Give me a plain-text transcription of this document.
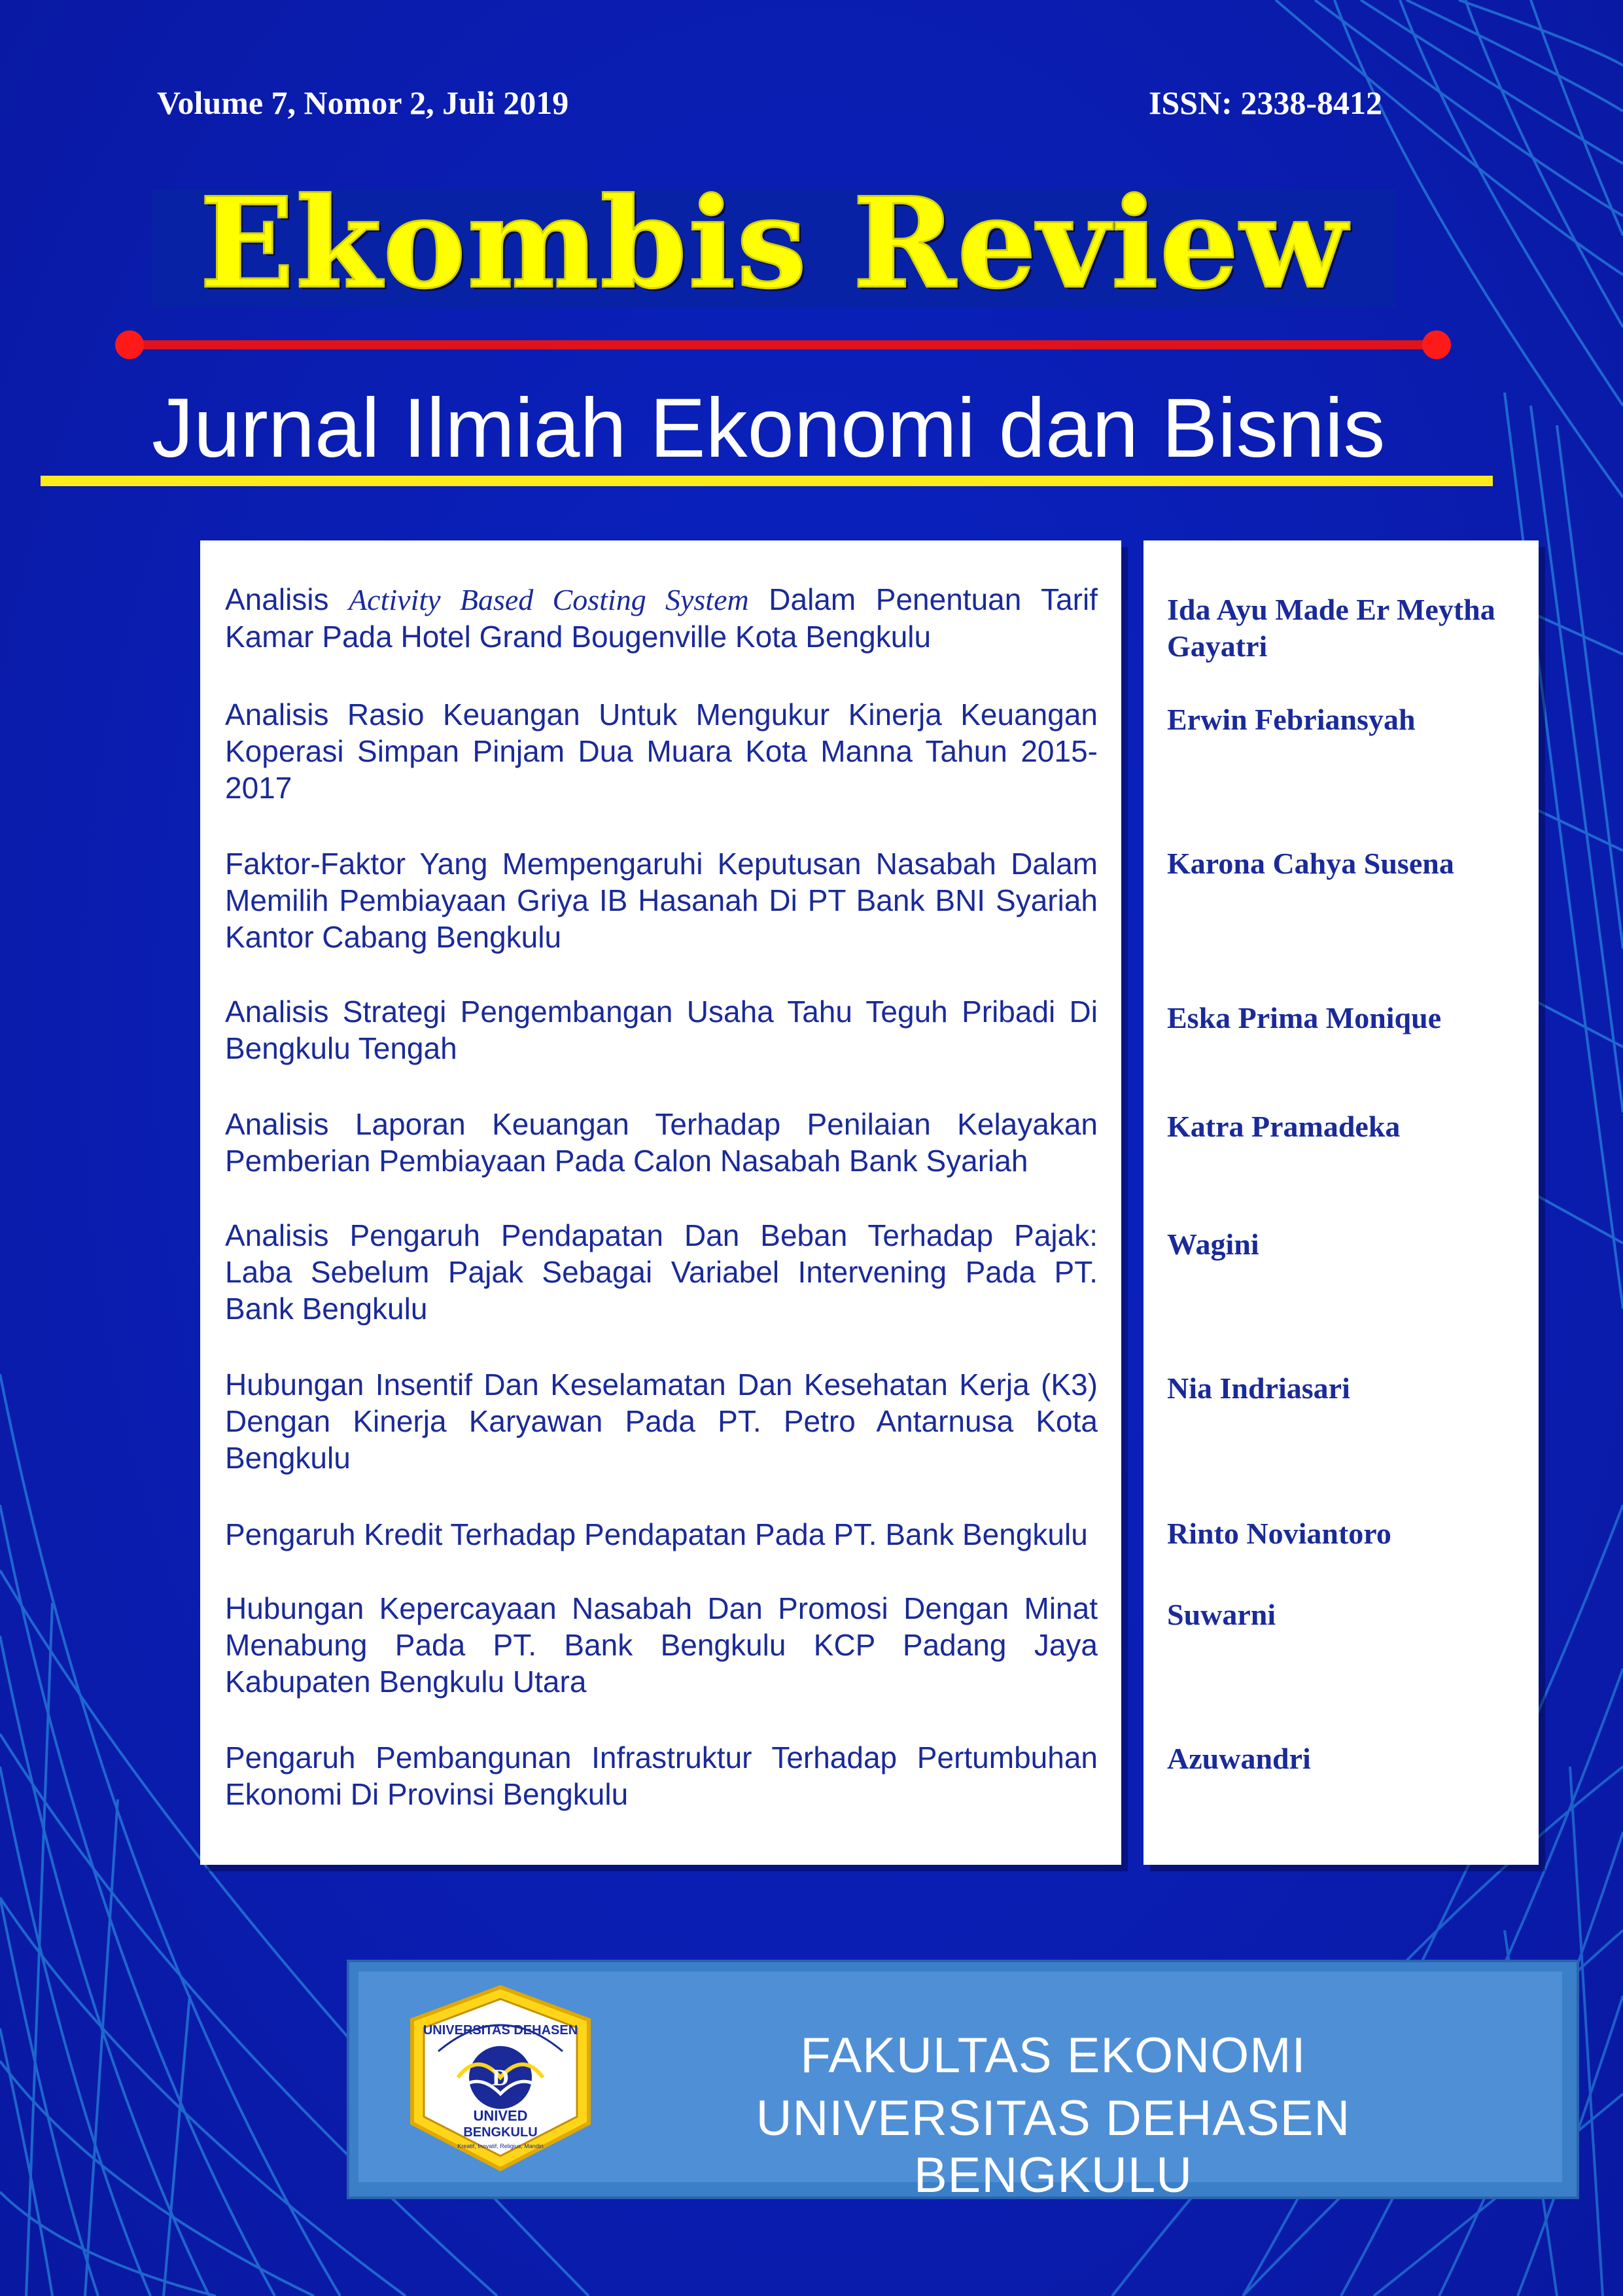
Volume 7, Nomor 2, Juli 2019	ISSN: 2338-8412
Ekombis Review
Jurnal Ilmiah Ekonomi dan Bisnis
Analisis Activity Based Costing System Dalam Penentuan Tarif Kamar Pada Hotel Grand Bougenville Kota Bengkulu
Analisis Rasio Keuangan Untuk Mengukur Kinerja Keuangan Koperasi Simpan Pinjam Dua Muara Kota Manna Tahun 2015-2017
Faktor-Faktor Yang Mempengaruhi Keputusan Nasabah Dalam Memilih Pembiayaan Griya IB Hasanah Di PT Bank BNI Syariah Kantor Cabang Bengkulu
Analisis Strategi Pengembangan Usaha Tahu Teguh Pribadi Di Bengkulu Tengah
Analisis Laporan Keuangan Terhadap Penilaian Kelayakan Pemberian Pembiayaan Pada Calon Nasabah Bank Syariah
Analisis Pengaruh Pendapatan Dan Beban Terhadap Pajak: Laba Sebelum Pajak Sebagai Variabel Intervening Pada PT. Bank Bengkulu
Hubungan Insentif Dan Keselamatan Dan Kesehatan Kerja (K3) Dengan Kinerja Karyawan Pada PT. Petro Antarnusa Kota Bengkulu
Pengaruh Kredit Terhadap Pendapatan Pada PT. Bank Bengkulu
Hubungan Kepercayaan Nasabah Dan Promosi Dengan Minat Menabung Pada PT. Bank Bengkulu KCP Padang Jaya Kabupaten Bengkulu Utara
Pengaruh Pembangunan Infrastruktur Terhadap Pertumbuhan Ekonomi Di Provinsi Bengkulu
Ida Ayu Made Er Meytha Gayatri
Erwin Febriansyah
Karona Cahya Susena
Eska Prima Monique
Katra Pramadeka
Wagini
Nia Indriasari
Rinto Noviantoro
Suwarni
Azuwandri
D
UNIVERSITAS DEHASEN
UNIVED
BENGKULU
Kreatif, Inovatif, Religius, Mandiri
FAKULTAS EKONOMI
UNIVERSITAS DEHASEN BENGKULU
